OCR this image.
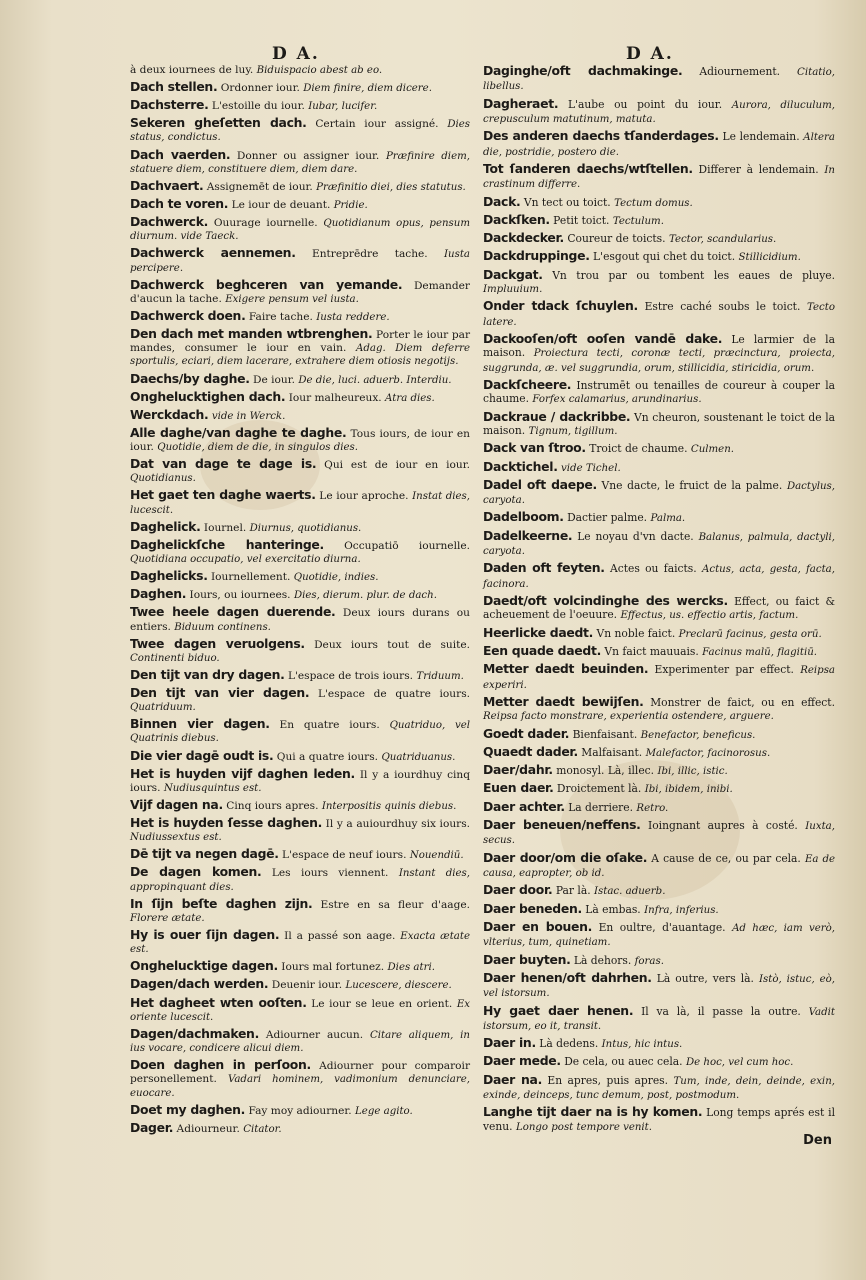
D A.	D A.
à deux iournees de luy. Biduispacio abest ab eo.
Dach stellen. Ordonner iour. Diem finire, diem dicere.
Dachsterre. L'estoille du iour. Iubar, lucifer.
Sekeren gheſetten dach. Certain iour assigné. Dies status, condictus.
Dach vaerden. Donner ou assigner iour. Præfinire diem, statuere diem, constituere diem, diem dare.
Dachvaert. Assignemēt de iour. Præfinitio diei, dies statutus.
Dach te voren. Le iour de deuant. Pridie.
Dachwerck. Ouurage iournelle. Quotidianum opus, pensum diurnum. vide Taeck.
Dachwerck aennemen. Entreprēdre tache. Iusta percipere.
Dachwerck beghceren van yemande. Demander d'aucun la tache. Exigere pensum vel iusta.
Dachwerck doen. Faire tache. Iusta reddere.
Den dach met manden wtbrenghen. Porter le iour par mandes, consumer le iour en vain. Adag. Diem deferre sportulis, eciari, diem lacerare, extrahere diem otiosis negotijs.
Daechs/by daghe. De iour. De die, luci. aduerb. Interdiu.
Onghelucktighen dach. Iour malheureux. Atra dies.
Werckdach. vide in Werck.
Alle daghe/van daghe te daghe. Tous iours, de iour en iour. Quotidie, diem de die, in singulos dies.
Dat van dage te dage is. Qui est de iour en iour. Quotidianus.
Het gaet ten daghe waerts. Le iour aproche. Instat dies, lucescit.
Daghelick. Iournel. Diurnus, quotidianus.
Daghelickſche hanteringe. Occupatiō iournelle. Quotidiana occupatio, vel exercitatio diurna.
Daghelicks. Iournellement. Quotidie, indies.
Daghen. Iours, ou iournees. Dies, dierum. plur. de dach.
Twee heele dagen duerende. Deux iours durans ou entiers. Biduum continens.
Twee dagen veruolgens. Deux iours tout de suite. Continenti biduo.
Den tijt van dry dagen. L'espace de trois iours. Triduum.
Den tijt van vier dagen. L'espace de quatre iours. Quatriduum.
Binnen vier dagen. En quatre iours. Quatriduo, vel Quatrinis diebus.
Die vier dagē oudt is. Qui a quatre iours. Quatriduanus.
Het is huyden vijf daghen leden. Il y a iourdhuy cinq iours. Nudiusquintus est.
Vijf dagen na. Cinq iours apres. Interpositis quinis diebus.
Het is huyden ſesse daghen. Il y a auiourdhuy six iours. Nudiussextus est.
Dē tijt va negen dagē. L'espace de neuf iours. Nouendiū.
De dagen komen. Les iours viennent. Instant dies, appropinquant dies.
In ſijn beſte daghen zijn. Estre en sa fleur d'aage. Florere ætate.
Hy is ouer ſijn dagen. Il a passé son aage. Exacta ætate est.
Onghelucktige dagen. Iours mal fortunez. Dies atri.
Dagen/dach werden. Deuenir iour. Lucescere, diescere.
Het dagheet wten ooſten. Le iour se leue en orient. Ex oriente lucescit.
Dagen/dachmaken. Adiourner aucun. Citare aliquem, in ius vocare, condicere alicui diem.
Doen daghen in perſoon. Adiourner pour comparoir personellement. Vadari hominem, vadimonium denunciare, euocare.
Doet my daghen. Fay moy adiourner. Lege agito.
Dager. Adiourneur. Citator.
Daginghe/oft dachmakinge. Adiournement. Citatio, libellus.
Dagheraet. L'aube ou point du iour. Aurora, diluculum, crepusculum matutinum, matuta.
Des anderen daechs tſanderdages. Le lendemain. Altera die, postridie, postero die.
Tot ſanderen daechs/wtſtellen. Differer à lendemain. In crastinum differre.
Dack. Vn tect ou toict. Tectum domus.
Dackſken. Petit toict. Tectulum.
Dackdecker. Coureur de toicts. Tector, scandularius.
Dackdruppinge. L'esgout qui chet du toict. Stillicidium.
Dackgat. Vn trou par ou tombent les eaues de pluye. Impluuium.
Onder tdack ſchuylen. Estre caché soubs le toict. Tecto latere.
Dackooſen/oft ooſen vandē dake. Le larmier de la maison. Proiectura tecti, coronæ tecti, præcinctura, proiecta, suggrunda, æ. vel suggrundia, orum, stillicidia, stiricidia, orum.
Dackſcheere. Instrumēt ou tenailles de coureur à couper la chaume. Forfex calamarius, arundinarius.
Dackraue / dackribbe. Vn cheuron, soustenant le toict de la maison. Tignum, tigillum.
Dack van ſtroo. Troict de chaume. Culmen.
Dacktichel. vide Tichel.
Dadel oft daepe. Vne dacte, le fruict de la palme. Dactylus, caryota.
Dadelboom. Dactier palme. Palma.
Dadelkeerne. Le noyau d'vn dacte. Balanus, palmula, dactyli, caryota.
Daden oft feyten. Actes ou faicts. Actus, acta, gesta, facta, facinora.
Daedt/oft volcindinghe des wercks. Effect, ou faict & acheuement de l'oeuure. Effectus, us. effectio artis, factum.
Heerlicke daedt. Vn noble faict. Preclarū facinus, gesta orū.
Een quade daedt. Vn faict mauuais. Facinus malū, flagitiū.
Metter daedt beuinden. Experimenter par effect. Reipsa experiri.
Metter daedt bewijſen. Monstrer de faict, ou en effect. Reipsa facto monstrare, experientia ostendere, arguere.
Goedt dader. Bienfaisant. Benefactor, beneficus.
Quaedt dader. Malfaisant. Malefactor, facinorosus.
Daer/dahr. monosyl. Là, illec. Ibi, illic, istic.
Euen daer. Droictement là. Ibi, ibidem, inibi.
Daer achter. La derriere. Retro.
Daer beneuen/neffens. Ioingnant aupres à costé. Iuxta, secus.
Daer door/om die oſake. A cause de ce, ou par cela. Ea de causa, eapropter, ob id.
Daer door. Par là. Istac. aduerb.
Daer beneden. Là embas. Infra, inferius.
Daer en bouen. En oultre, d'auantage. Ad hæc, iam verò, vlterius, tum, quinetiam.
Daer buyten. Là dehors. foras.
Daer henen/oft dahrhen. Là outre, vers là. Istò, istuc, eò, vel istorsum.
Hy gaet daer henen. Il va là, il passe la outre. Vadit istorsum, eo it, transit.
Daer in. Là dedens. Intus, hic intus.
Daer mede. De cela, ou auec cela. De hoc, vel cum hoc.
Daer na. En apres, puis apres. Tum, inde, dein, deinde, exin, exinde, deinceps, tunc demum, post, postmodum.
Langhe tijt daer na is hy komen. Long temps aprés est il venu. Longo post tempore venit.
Den
